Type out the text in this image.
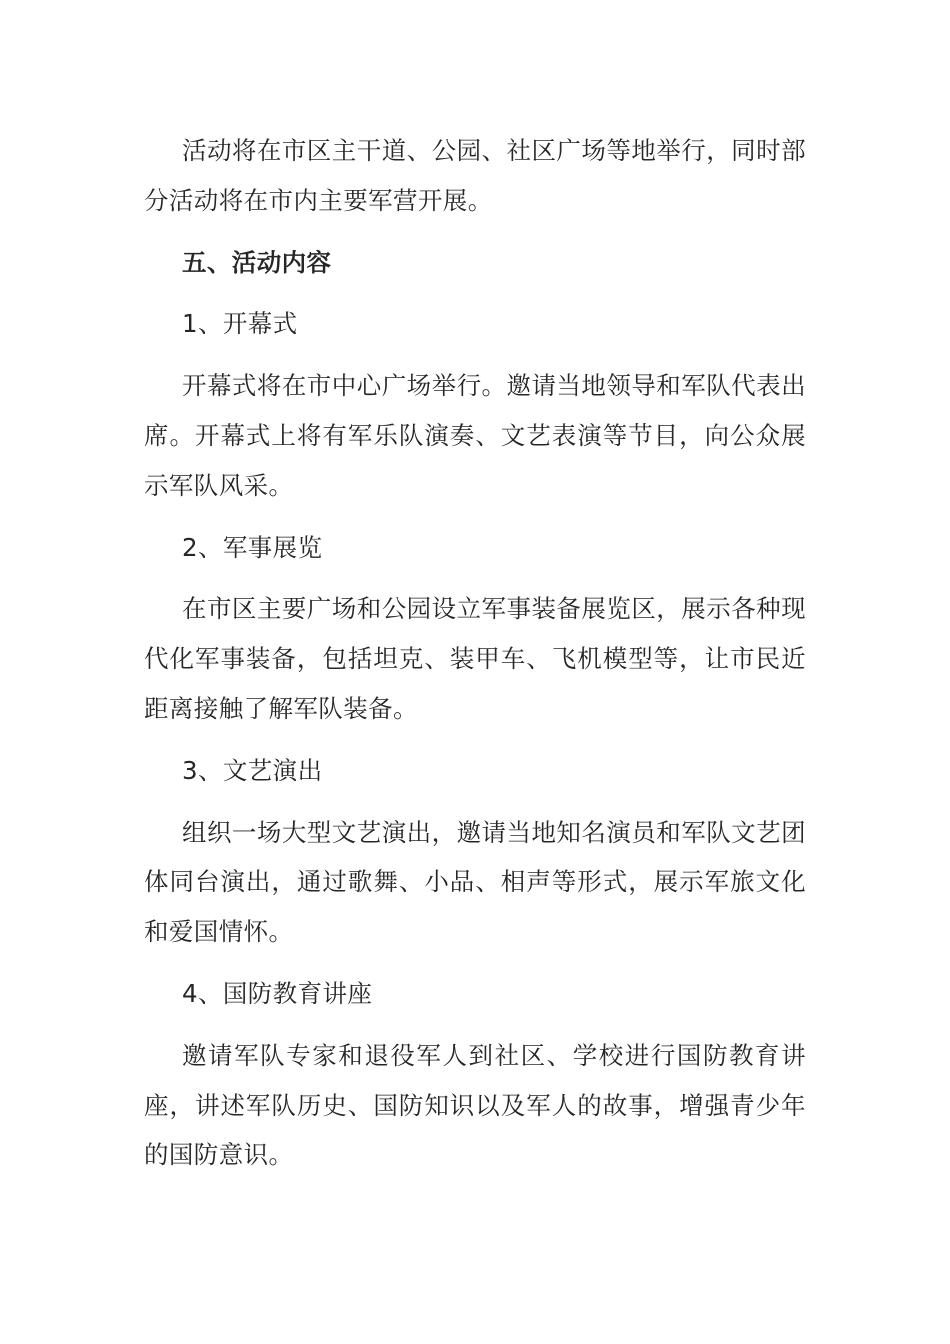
活动将在市区主干道、公园、社区广场等地举行，同时部分活动将在市内主要军营开展。

五、活动内容

1、开幕式

开幕式将在市中心广场举行。邀请当地领导和军队代表出席。开幕式上将有军乐队演奏、文艺表演等节目，向公众展示军队风采。

2、军事展览

在市区主要广场和公园设立军事装备展览区，展示各种现代化军事装备，包括坦克、装甲车、飞机模型等，让市民近距离接触了解军队装备。

3、文艺演出

组织一场大型文艺演出，邀请当地知名演员和军队文艺团体同台演出，通过歌舞、小品、相声等形式，展示军旅文化和爱国情怀。

4、国防教育讲座

邀请军队专家和退役军人到社区、学校进行国防教育讲座，讲述军队历史、国防知识以及军人的故事，增强青少年的国防意识。
